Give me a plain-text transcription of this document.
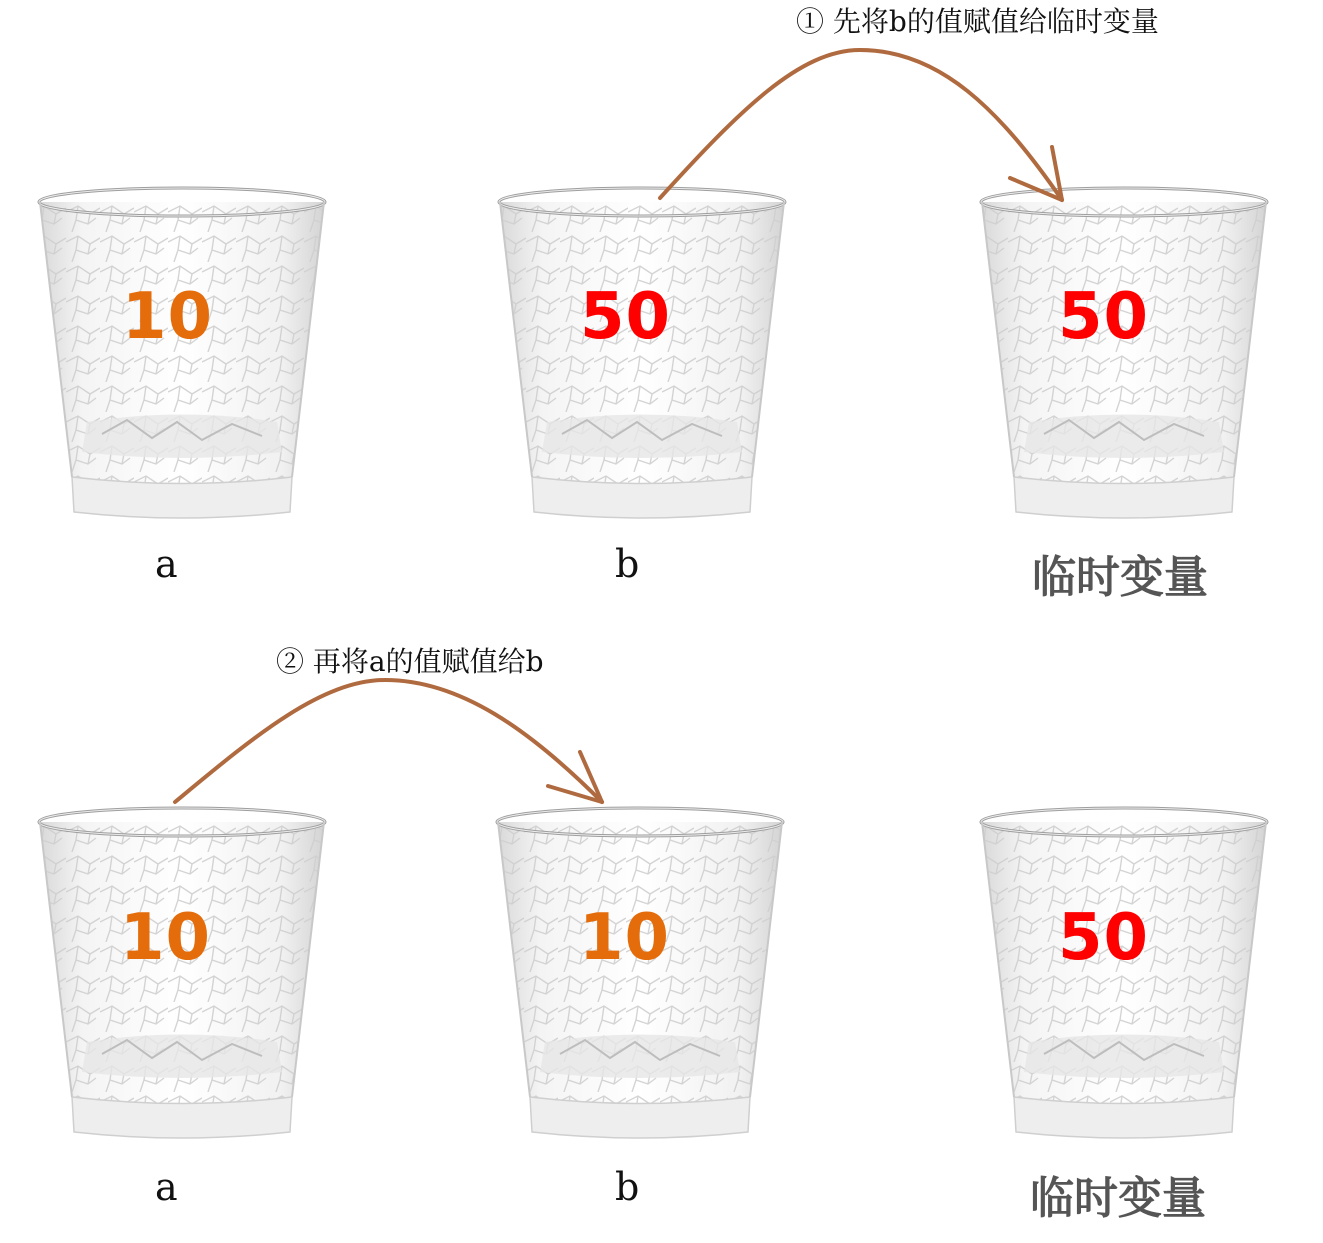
10	50	50
a	b	临时变量
10	10	50
a	b	临时变量
① 先将b的值赋值给临时变量
② 再将a的值赋值给b
